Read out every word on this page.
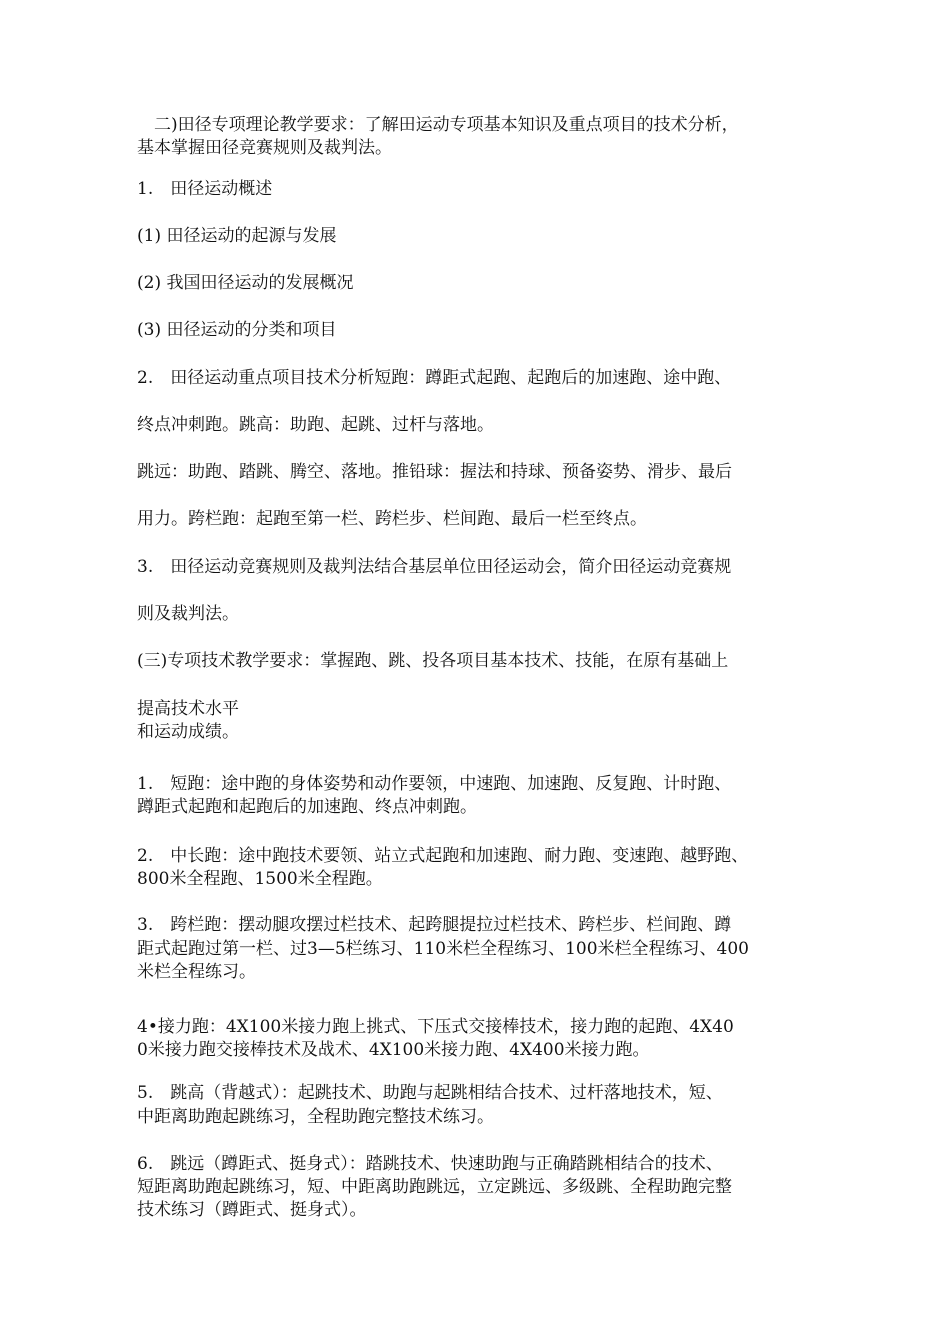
　二)田径专项理论教学要求：了解田运动专项基本知识及重点项目的技术分析，

基本掌握田径竞赛规则及裁判法。

1.　田径运动概述

(1) 田径运动的起源与发展

(2) 我国田径运动的发展概况

(3) 田径运动的分类和项目

2.　田径运动重点项目技术分析短跑：蹲距式起跑、起跑后的加速跑、途中跑、

终点冲刺跑。跳高：助跑、起跳、过杆与落地。

跳远：助跑、踏跳、腾空、落地。推铅球：握法和持球、预备姿势、滑步、最后

用力。跨栏跑：起跑至第一栏、跨栏步、栏间跑、最后一栏至终点。

3.　田径运动竞赛规则及裁判法结合基层单位田径运动会，简介田径运动竞赛规

则及裁判法。

(三)专项技术教学要求：掌握跑、跳、投各项目基本技术、技能，在原有基础上

提高技术水平

和运动成绩。

1.　短跑：途中跑的身体姿势和动作要领，中速跑、加速跑、反复跑、计时跑、

蹲距式起跑和起跑后的加速跑、终点冲刺跑。

2.　中长跑：途中跑技术要领、站立式起跑和加速跑、耐力跑、变速跑、越野跑、

800米全程跑、1500米全程跑。

3.　跨栏跑：摆动腿攻摆过栏技术、起跨腿提拉过栏技术、跨栏步、栏间跑、蹲

距式起跑过第一栏、过3—5栏练习、110米栏全程练习、100米栏全程练习、400

米栏全程练习。

4•接力跑：4X100米接力跑上挑式、下压式交接棒技术，接力跑的起跑、4X40

0米接力跑交接棒技术及战术、4X100米接力跑、4X400米接力跑。

5.　跳高（背越式）：起跳技术、助跑与起跳相结合技术、过杆落地技术，短、

中距离助跑起跳练习，全程助跑完整技术练习。

6.　跳远（蹲距式、挺身式）：踏跳技术、快速助跑与正确踏跳相结合的技术、

短距离助跑起跳练习，短、中距离助跑跳远，立定跳远、多级跳、全程助跑完整

技术练习（蹲距式、挺身式）。
